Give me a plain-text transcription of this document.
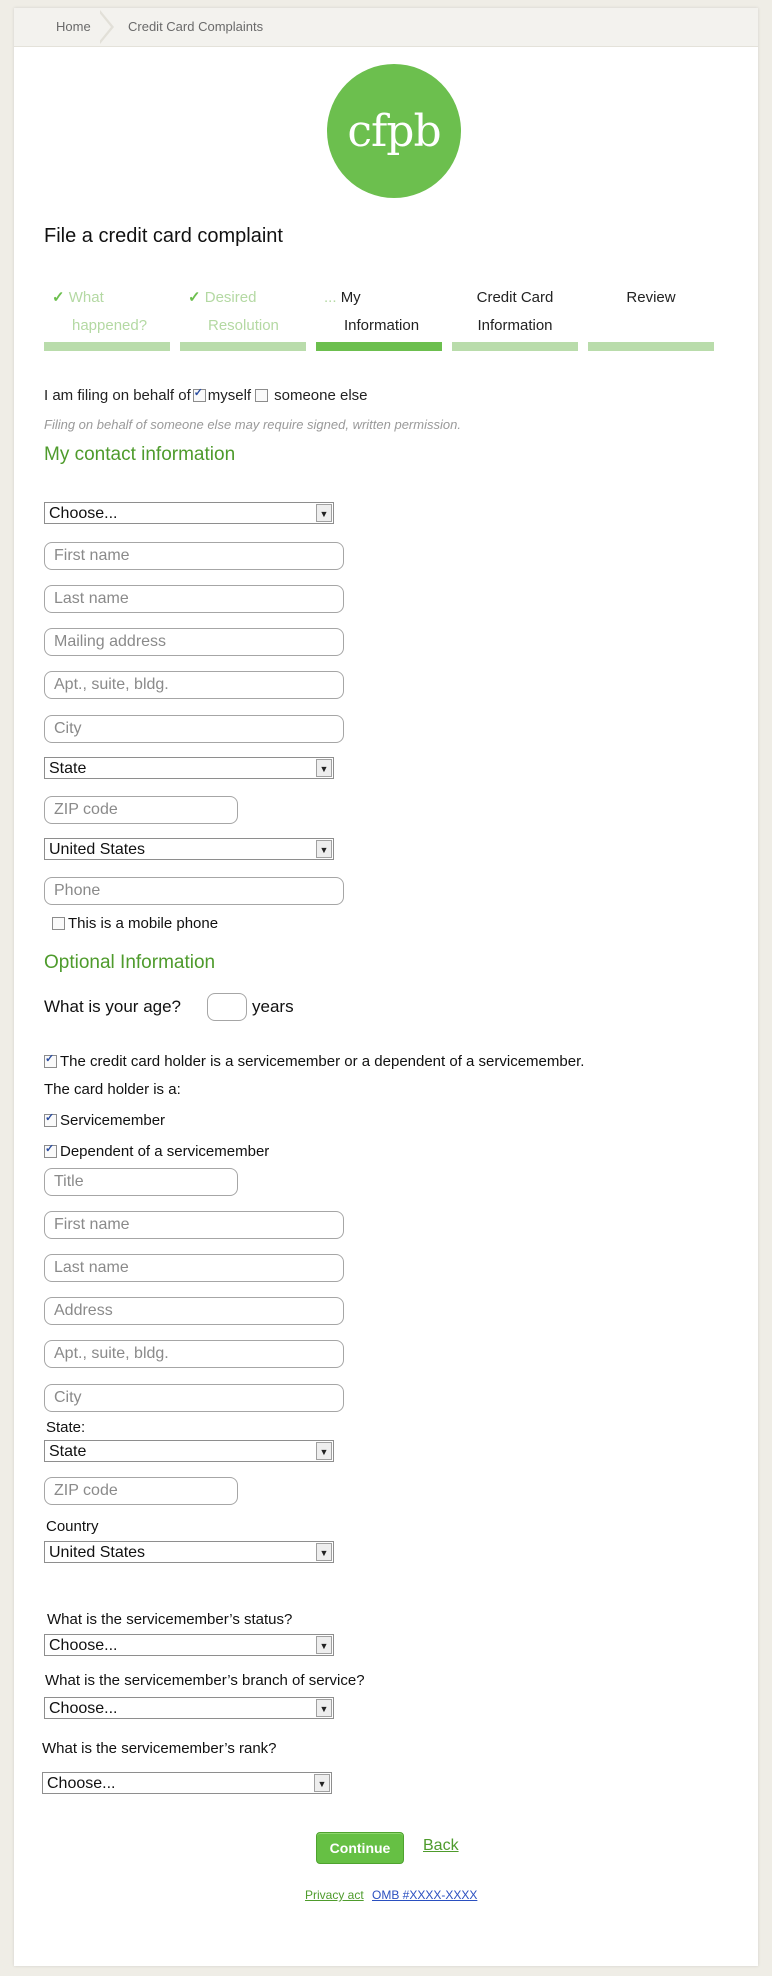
Home	Credit Card Complaints
cfpb
File a credit card complaint
✓ What
happened?
✓ Desired
Resolution
... My
Information
Credit Card
Information
Review
I am filing on behalf of
✓ myself someone else
Filing on behalf of someone else may require signed, written permission.
My contact information
Choose...	▼
First name
Last name
Mailing address
Apt., suite, bldg.
City
State	▼
ZIP code
United States	▼
Phone
This is a mobile phone
Optional Information
What is your age?	years
✓
The credit card holder is a servicemember or a dependent of a servicemember.
The card holder is a:
✓
Servicemember
✓
Dependent of a servicemember
Title
First name
Last name
Address
Apt., suite, bldg.
City
State:
State	▼
ZIP code
Country
United States	▼
What is the servicemember’s status?
Choose...	▼
What is the servicemember’s branch of service?
Choose...	▼
What is the servicemember’s rank?
Choose...	▼
Continue	Back
Privacy act OMB #XXXX-XXXX
